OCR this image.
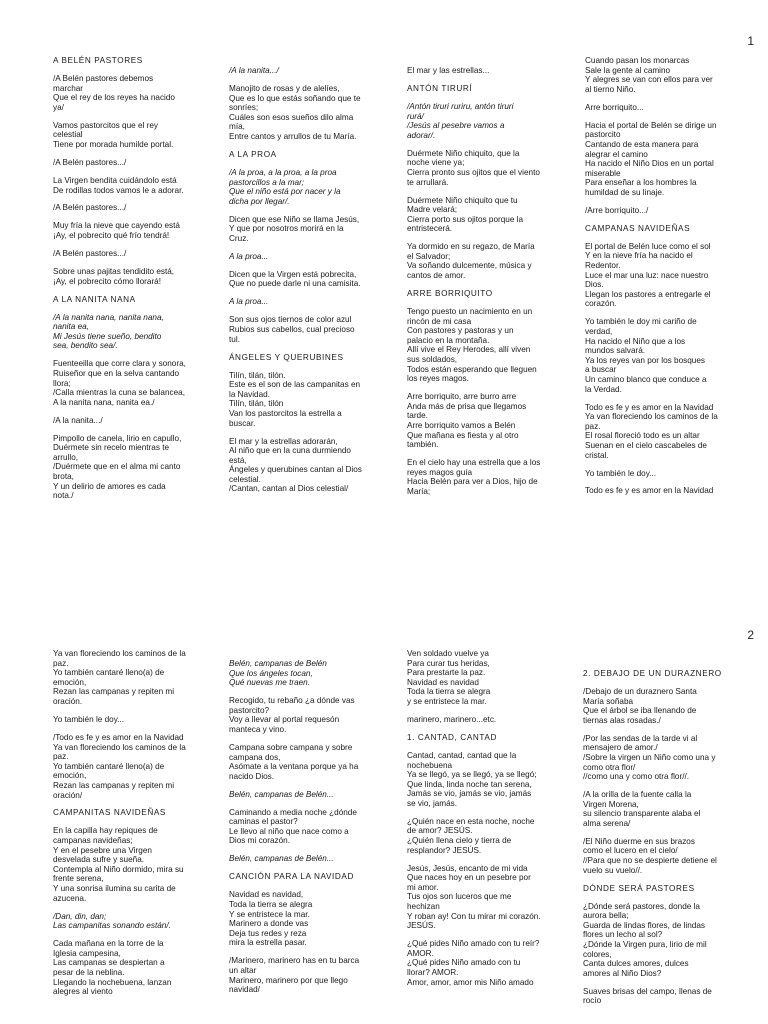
1

A BELÉN PASTORES

/A Belén pastores debemos
marchar
Que el rey de los reyes ha nacido
ya/

Vamos pastorcitos que el rey
celestial
Tiene por morada humilde portal.

/A Belén pastores.../

La Virgen bendita cuidándolo está
De rodillas todos vamos le a adorar.

/A Belén pastores.../

Muy fría la nieve que cayendo está
¡Ay, el pobrecito qué frío tendrá!

/A Belén pastores.../

Sobre unas pajitas tendidito está,
¡Ay, el pobrecito cómo llorará!

A LA NANITA NANA

/A la nanita nana, nanita nana,
nanita ea,
Mi Jesús tiene sueño, bendito
sea, bendito sea/.

Fuenteeilla que corre clara y sonora,
Ruiseñor que en la selva cantando
llora;
/Calla mientras la cuna se balancea,
A la nanita nana, nanita ea./

/A la nanita.../

Pimpollo de canela, lirio en capullo,
Duérmete sin recelo mientras te
arrullo,
/Duérmete que en el alma mi canto
brota,
Y un delirio de amores es cada
nota./

/A la nanita.../

Manojito de rosas y de alelíes,
Que es lo que estás soñando que te
sonríes;
Cuáles son esos sueños dilo alma
mía,
Entre cantos y arrullos de tu María.

A LA PROA

/A la proa, a la proa, a la proa
pastorcillos a la mar;
Que el niño está por nacer y la
dicha por llegar/.

Dicen que ese Niño se llama Jesús,
Y que por nosotros morirá en la
Cruz.

A la proa...

Dicen que la Virgen está pobrecita,
Que no puede darle ni una camisita.

A la proa...

Son sus ojos tiernos de color azul
Rubios sus cabellos, cual precioso
tul.

ÁNGELES Y QUERUBINES

Tilín, tilán, tilón.
Este es el son de las campanitas en
la Navidad.
Tilín, tilán, tilón
Van los pastorcitos la estrella a
buscar.

El mar y la estrellas adorarán,
Al niño que en la cuna durmiendo
está,
Ángeles y querubines cantan al Dios
celestial.
/Cantan, cantan al Dios celestial/

El mar y las estrellas...

ANTÓN TIRURÍ

/Antón tiruri ruriru, antón tiruri
rurá/
/Jesús al pesebre vamos a
adorar/.

Duérmete Niño chiquito, que la
noche viene ya;
Cierra pronto sus ojitos que el viento
te arrullará.

Duérmete Niño chiquito que tu
Madre velará;
Cierra porto sus ojitos porque la
entristecerá.

Ya dormido en su regazo, de María
el Salvador;
Va soñando dulcemente, música y
cantos de amor.

ARRE BORRIQUITO

Tengo puesto un nacimiento en un
rincón de mi casa
Con pastores y pastoras y un
palacio en la montaña.
Allí vive el Rey Herodes, allí viven
sus soldados,
Todos están esperando que lleguen
los reyes magos.

Arre borriquito, arre burro arre
Anda más de prisa que llegamos
tarde.
Arre borriquito vamos a Belén
Que mañana es fiesta y al otro
también.

En el cielo hay una estrella que a los
reyes magos guía
Hacia Belén para ver a Dios, hijo de
María;

Cuando pasan los monarcas
Sale la gente al camino
Y alegres se van con ellos para ver
al tierno Niño.

Arre borriquito...

Hacia el portal de Belén se dirige un
pastorcito
Cantando de esta manera para
alegrar el camino
Ha nacido el Niño Dios en un portal
miserable
Para enseñar a los hombres la
humildad de su linaje.

/Arre borriquito.../

CAMPANAS NAVIDEÑAS

El portal de Belén luce como el sol
Y en la nieve fría ha nacido el
Redentor.
Luce el mar una luz: nace nuestro
Dios.
Llegan los pastores a entregarle el
corazón.

Yo también le doy mi cariño de
verdad,
Ha nacido el Niño que a los
mundos salvará.
Ya los reyes van por los bosques
a buscar
Un camino blanco que conduce a
la Verdad.

Todo es fe y es amor en la Navidad
Ya van floreciendo los caminos de la
paz.
El rosal floreció todo es un altar
Suenan en el cielo cascabeles de
cristal.

Yo también le doy...

Todo es fe y es amor en la Navidad

2

Ya van floreciendo los caminos de la
paz.
Yo también cantaré lleno(a) de
emoción,
Rezan las campanas y repiten mi
oración.

Yo también le doy...

/Todo es fe y es amor en la Navidad
Ya van floreciendo los caminos de la
paz.
Yo también cantaré lleno(a) de
emoción,
Rezan las campanas y repiten mi
oración/

CAMPANITAS NAVIDEÑAS

En la capilla hay repiques de
campanas navideñas;
Y en el pesebre una Virgen
desvelada sufre y sueña.
Contempla al Niño dormido, mira su
frente serena,
Y una sonrisa ilumina su carita de
azucena.

/Dan, din, dan;
Las campanitas sonando están/.

Cada mañana en la torre de la
Iglesia campesina,
Las campanas se despiertan a
pesar de la neblina.
Llegando la nochebuena, lanzan
alegres al viento

Belén, campanas de Belén
Que los ángeles tocan,
Qué nuevas me traen.

Recogido, tu rebaño ¿a dónde vas
pastorcito?
Voy a llevar al portal requesón
manteca y vino.

Campana sobre campana y sobre
campana dos,
Asómate a la ventana porque ya ha
nacido Dios.

Belén, campanas de Belén...

Caminando a media noche ¿dónde
caminas el pastor?
Le llevo al niño que nace como a
Dios mi corazón.

Belén, campanas de Belén...

CANCIÓN PARA LA NAVIDAD

Navidad es navidad,
Toda la tierra se alegra
Y se entristece la mar.
Marinero a donde vas
Deja tus redes y reza
mira la estrella pasar.

/Marinero, marinero has en tu barca
un altar
Marinero, marinero por que llego
navidad/

Ven soldado vuelve ya
Para curar tus heridas,
Para prestarte la paz.
Navidad es navidad
Toda la tierra se alegra
y se entristece la mar.

marinero, marinero...etc.

1. CANTAD, CANTAD

Cantad, cantad, cantad que la
nochebuena
Ya se llegó, ya se llegó, ya se llegó;
Que linda, linda noche tan serena,
Jamás se vio, jamás se vio, jamás
se vio, jamás.

¿Quién nace en esta noche, noche
de amor? JESÚS.
¿Quién llena cielo y tierra de
resplandor? JESÚS.

Jesús, Jesús, encanto de mi vida
Que naces hoy en un pesebre por
mi amor.
Tus ojos son luceros que me
hechizan
Y roban ay! Con tu mirar mi corazón.
JESÚS.

¿Qué pides Niño amado con tu reír?
AMOR.
¿Qué pides Niño amado con tu
llorar? AMOR.
Amor, amor, amor mis Niño amado

2. DEBAJO DE UN DURAZNERO

/Debajo de un duraznero Santa
María soñaba
Que el árbol se iba llenando de
tiernas alas rosadas./

/Por las sendas de la tarde vi al
mensajero de amor./
/Sobre la virgen un Niño como una y
como otra flor/
//como una y como otra flor//.

/A la orilla de la fuente calla la
Virgen Morena,
su silencio transparente alaba el
alma serena/

/El Niño duerme en sus brazos
como el lucero en el cielo/
//Para que no se despierte detiene el
vuelo su vuelo//.

DÓNDE SERÁ PASTORES

¿Dónde será pastores, donde la
aurora bella;
Guarda de lindas flores, de lindas
flores un lecho al sol?
¿Dónde la Virgen pura, lirio de mil
colores,
Canta dulces amores, dulces
amores al Niño Dios?

Suaves brisas del campo, llenas de
rocío
